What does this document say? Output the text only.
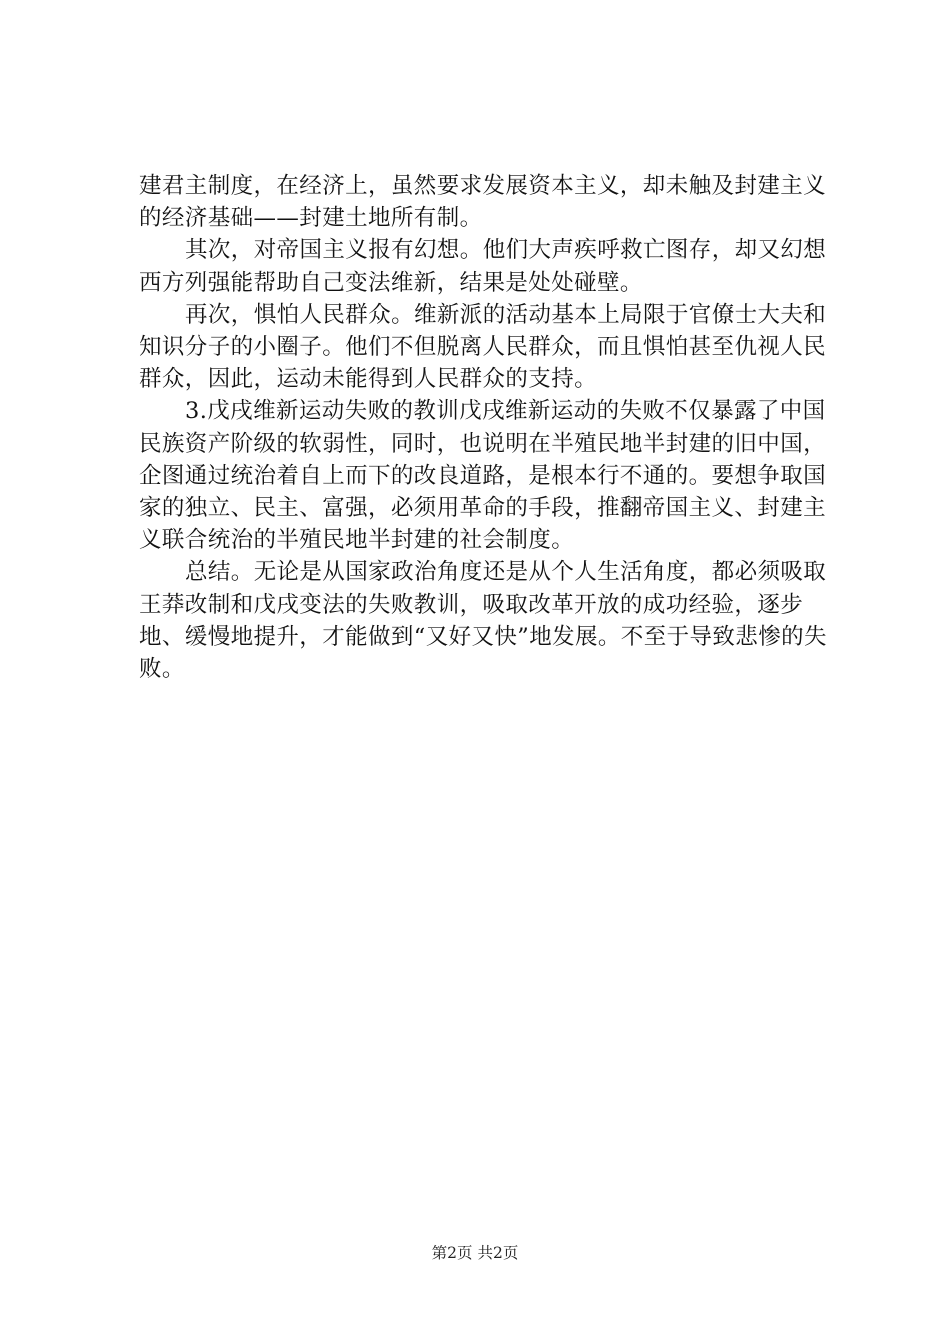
建君主制度，在经济上，虽然要求发展资本主义，却未触及封建主义的经济基础——封建土地所有制。

其次，对帝国主义报有幻想。他们大声疾呼救亡图存，却又幻想西方列强能帮助自己变法维新，结果是处处碰壁。

再次，惧怕人民群众。维新派的活动基本上局限于官僚士大夫和知识分子的小圈子。他们不但脱离人民群众，而且惧怕甚至仇视人民群众，因此，运动未能得到人民群众的支持。

3.戊戌维新运动失败的教训戊戌维新运动的失败不仅暴露了中国民族资产阶级的软弱性，同时，也说明在半殖民地半封建的旧中国，企图通过统治着自上而下的改良道路，是根本行不通的。要想争取国家的独立、民主、富强，必须用革命的手段，推翻帝国主义、封建主义联合统治的半殖民地半封建的社会制度。

总结。无论是从国家政治角度还是从个人生活角度，都必须吸取王莽改制和戊戌变法的失败教训，吸取改革开放的成功经验，逐步地、缓慢地提升，才能做到“又好又快”地发展。不至于导致悲惨的失败。

第2页 共2页
